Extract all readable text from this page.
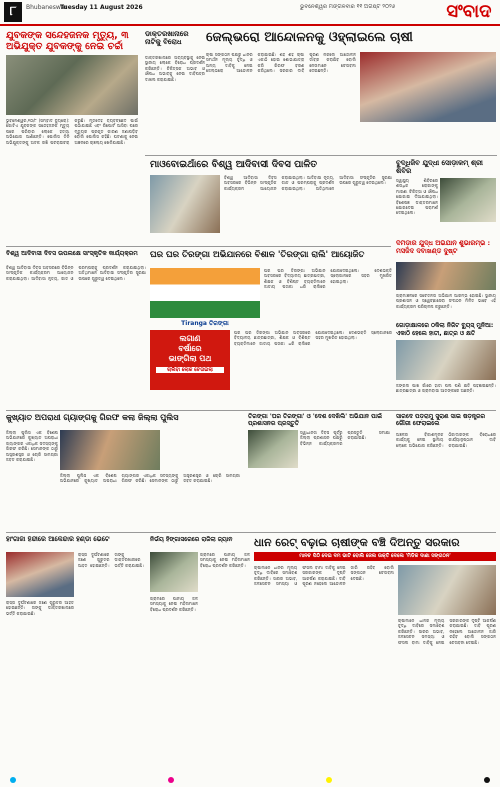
୮	Bhubaneswar
Tuesday 11 August 2026	ଭୁବନେଶ୍ୱର ମଙ୍ଗଳବାର ୧୧ ଅଗଷ୍ଟ ୨୦୨୬	ସଂବାଦ
ଯୁବକଙ୍କ ସନ୍ଦେହଜନକ ମୃତ୍ୟୁ, ୩ ଅଭିଯୁକ୍ତ ଯୁବକଙ୍କୁ ନେଇ ଚର୍ଚ୍ଚା
ଭୁବନେଶ୍ୱର,୧୦/୮ (ସମ୍ବାଦ ବ୍ୟୁରୋ): ଗୋଟିଏ ଯୁବକଙ୍କ ସନ୍ଦେହଜନକ ମୃତ୍ୟୁ ପରେ ପରିବାର ଲୋକେ ହତ୍ୟା ଅଭିଯୋଗ ଆଣିଛନ୍ତି। ପୋଲିସ ତିନି ଅଭିଯୁକ୍ତଙ୍କୁ ଅଟକ ରଖି ପଚରାଉଚରା କରୁଛି। ମୃତଦେହ ବ୍ୟବଚ୍ଛେଦ ପାଇଁ ପଠାଯାଇଛି ଏବଂ ରିପୋର୍ଟ ଆସିବା ପରେ ମୃତ୍ୟୁର ପ୍ରକୃତ କାରଣ ଜଣାପଡ଼ିବ ବୋଲି ପୋଲିସ କହିଛି। ଘଟଣାକୁ ନେଇ ଅଞ୍ଚଳରେ ଚାଞ୍ଚଲ୍ୟ ଖେଳିଯାଇଛି।
ଡାକ୍ତରଖାନାରେ ନାଟିକୁ ବିରୋଧ
ଡାକ୍ତରଖାନାରେ ଅବ୍ୟବସ୍ଥାକୁ ନେଇ ସ୍ଥାନୀୟ ଲୋକେ ବିରୋଧ ପ୍ରଦର୍ଶନ କରିଛନ୍ତି। ଚିକିତ୍ସକ ଅଭାବ ଓ ଔଷଧ ଅଭାବକୁ ନେଇ ଦାବିପତ୍ର ଦାଖଲ କରାଯାଇଛି।
ଜେଲ୍‌ଭରୋ ଆନ୍ଦୋଳନକୁ ଓହ୍ଲାଇଲେ ଚାଷୀ
ଚାଷୀ ସଙ୍ଗଠନ ପକ୍ଷରୁ ଧାନର ସମର୍ଥନ ମୂଲ୍ୟ ବୃଦ୍ଧି ଓ ଅନ୍ୟ ଦାବିକୁ ନେଇ ଜେଲ୍‌ଭରୋ ଆନ୍ଦୋଳନ କରାଯାଇଛି। ଶହ ଶହ ଚାଷୀ ଏକାଠି ହୋଇ ଶୋଭାଯାତ୍ରା କରି ଗିରଫ ବରଣ କରିଥିଲେ। ସରକାର ଦାବି ପୂରଣ ନକଲେ ଆନ୍ଦୋଳନ ତୀବ୍ର କରାଯିବ ବୋଲି ନେତାମାନେ ଚେତାବନୀ ଦେଇଛନ୍ତି।
ମାଓବୋଇର୍ଥାରେ ବିଶ୍ୱ ଆଦିବାସୀ ଦିବସ ପାଳିତ
ବିଶ୍ୱ ଆଦିବାସୀ ଦିବସ ଅବସରରେ ବିଭିନ୍ନ ସାଂସ୍କୃତିକ କାର୍ଯ୍ୟକ୍ରମ ଆୟୋଜନ କରାଯାଇଥିଲା। ଆଦିବାସୀ ନୃତ୍ୟ, ଗୀତ ଓ ପରମ୍ପରାକୁ ପ୍ରଦର୍ଶନ କରାଯାଇଥିଲା। ଅତିଥିମାନେ ଆଦିବାସୀ ସଂସ୍କୃତିର ସୁରକ୍ଷା ଉପରେ ଗୁରୁତ୍ୱ ଦେଇଥିଲେ।
ବୁଦ୍ଧିଜିବ ଯୁଦ୍ଧୀ ସୋଡ଼ାକମ୍‌ ଶ୍ରୀ ଶିବିର
ସ୍ୱାସ୍ଥ୍ୟ ଶିବିରରେ ଶତାଧିକ ରୋଗୀଙ୍କୁ ମାଗଣା ଚିକିତ୍ସା ଓ ଔଷଧ ଯୋଗାଇ ଦିଆଯାଇଥିଲା। ବିଶେଷଜ୍ଞ ଡାକ୍ତରମାନେ ଯୋଗଦେଇ ପରାମର୍ଶ ଦେଇଥିଲେ।
ଦିମିଡ଼ାର ଯୁଦ୍ଧ ଅଭିଯାନ ଶୁଭାରମ୍ଭ : ମସଜିଦ ଦବାଖଣ୍ଡ ଦୁଷ୍ଟ
ଗ୍ରାମାଞ୍ଚଳରେ ସଚେତନତା ଅଭିଯାନ ଆରମ୍ଭ ହୋଇଛି। ସ୍ଥାନୀୟ ପ୍ରଶାସନ ଓ ସ୍ୱେଚ୍ଛାସେବୀ ସଂଗଠନ ମିଳିତ ଭାବେ ଏହି କାର୍ଯ୍ୟକ୍ରମ ପରିଚାଳନା କରୁଛନ୍ତି।
ଗୋଡ଼ାକ୍ଷାଳରେ ଠକିଲା ନିଜିଟ ବ୍ୟୁସ୍ ମୁନିଆ:
ଏକାଠି ହେଲେ ହାତୀ, ଛାତ୍ର ଓ କ୍ଷତି
ଜଙ୍ଗଲ ପାଖ ଗାଁରେ ହାତୀ ପଲ ପଶି କ୍ଷତି ପହଞ୍ଚାଇଛନ୍ତି। ଛାତ୍ରଛାତ୍ରୀ ଓ ଗ୍ରାମବାସୀ ଆତଙ୍କରେ ଅଛନ୍ତି।
ଘର ଘର ତିରଙ୍ଗା ଅଭିଯାନରେ ବିଶାଳ 'ତିରଙ୍ଗା ରାଲି' ଆୟୋଜିତ
Tiranga ତିରଙ୍ଗା
ଘର ଘର ତିରଙ୍ଗା ଅଭିଯାନ ଅବସରରେ ବିଦ୍ୟାଳୟ ଛାତ୍ରଛାତ୍ରୀ, ଶିକ୍ଷକ ଓ ବିଶିଷ୍ଟ ବ୍ୟକ୍ତିମାନେ ଜାତୀୟ ପତାକା ଧରି ରାଲିରେ ଯୋଗଦେଇଥିଲେ। ଦେଶଭକ୍ତି ସ୍ଲୋଗାନରେ ସହର ମୁଖରିତ ହୋଇଥିଲା।
ବିଶ୍ୱ ଆଦିବାସୀ ଦିବସ ଉପଲକ୍ଷେ ସାଂସ୍କୃତିକ କାର୍ଯ୍ୟକ୍ରମ
ବିଶ୍ୱ ଆଦିବାସୀ ଦିବସ ଅବସରରେ ବିଭିନ୍ନ ସାଂସ୍କୃତିକ କାର୍ଯ୍ୟକ୍ରମ ଆୟୋଜନ କରାଯାଇଥିଲା। ଆଦିବାସୀ ନୃତ୍ୟ, ଗୀତ ଓ ପରମ୍ପରାକୁ ପ୍ରଦର୍ଶନ କରାଯାଇଥିଲା। ଅତିଥିମାନେ ଆଦିବାସୀ ସଂସ୍କୃତିର ସୁରକ୍ଷା ଉପରେ ଗୁରୁତ୍ୱ ଦେଇଥିଲେ।
ଲଗାଣ
ବର୍ଷାରେ
ଭାଙ୍ଗିଲା ପଥ
ଚାଲିବା ଲୋକ ଚେତାଇଲା
ଘର ଘର ତିରଙ୍ଗା ଅଭିଯାନ ଅବସରରେ ବିଦ୍ୟାଳୟ ଛାତ୍ରଛାତ୍ରୀ, ଶିକ୍ଷକ ଓ ବିଶିଷ୍ଟ ବ୍ୟକ୍ତିମାନେ ଜାତୀୟ ପତାକା ଧରି ରାଲିରେ ଯୋଗଦେଇଥିଲେ। ଦେଶଭକ୍ତି ସ୍ଲୋଗାନରେ ସହର ମୁଖରିତ ହୋଇଥିଲା।
କୁଖ୍ୟାତ ଅପରାଧୀ ଗ୍ୟାଙ୍ଗକୁ ଗିରଫ କଲା ଜିଲ୍ଲା ପୁଲିସ
ଜିଲ୍ଲା ପୁଲିସ ଏକ ବିଶେଷ ଅଭିଯାନରେ କୁଖ୍ୟାତ ଅପରାଧୀ ଗ୍ୟାଙ୍ଗର ଏକାଧିକ ସଦସ୍ୟଙ୍କୁ ଗିରଫ କରିଛି। ସେମାନଙ୍କ ଠାରୁ ଅସ୍ତ୍ରଶସ୍ତ୍ର ଓ ଚୋରି ସାମଗ୍ରୀ ଜବତ କରାଯାଇଛି।
ଜିଲ୍ଲା ପୁଲିସ ଏକ ବିଶେଷ ଅଭିଯାନରେ କୁଖ୍ୟାତ ଅପରାଧୀ ଗ୍ୟାଙ୍ଗର ଏକାଧିକ ସଦସ୍ୟଙ୍କୁ ଗିରଫ କରିଛି। ସେମାନଙ୍କ ଠାରୁ ଅସ୍ତ୍ରଶସ୍ତ୍ର ଓ ଚୋରି ସାମଗ୍ରୀ ଜବତ କରାଯାଇଛି।
ତିରଙ୍ଗା 'ଘର ତିରଙ୍ଗା' ଓ 'ଦେଶ ଦେଖିଲି' ଅଭିଯାନ ପାଇଁ ପ୍ରଶାସନର ପ୍ରସ୍ତୁତି
ସ୍ୱାଧୀନତା ଦିବସ ପୂର୍ବରୁ ଜିଲ୍ଲା ପ୍ରଶାସନ ପକ୍ଷରୁ ବିଭିନ୍ନ କାର୍ଯ୍ୟକ୍ରମର ପ୍ରସ୍ତୁତି ସମୀକ୍ଷା କରାଯାଇଛି।
ସାରଦେ ପଡ଼ରାମୁ ସୁରାଣ ସାଇ ଷଡ଼ନ୍ତ୍ରର ଗୌରୀ ଫେରାଇଲେ
ଅଞ୍ଚଳର ବିକାଶମୂଳକ କାର୍ଯ୍ୟକୁ ନେଇ ସ୍ଥାନୀୟ ଲୋକେ ଅଭିଯୋଗ କରିଛନ୍ତି। ଠିକାଦାରଙ୍କ ବିରୋଧରେ କାର୍ଯ୍ୟାନୁଷ୍ଠାନ ଦାବି କରାଯାଇଛି।
ହାଂଗାଜା ହିନ୍ଦୀରେ ଆକେନ୍ଦାର ହଣ୍ଡା ଭେଟେ
ରାସ୍ତା ଦୁର୍ଘଟଣାରେ ଜଣେ ଗୁରୁତର ଆହତ ହୋଇଛନ୍ତି। ତାଙ୍କୁ ଡାକ୍ତରଖାନାରେ ଭର୍ତ୍ତି କରାଯାଇଛି।
ରାସ୍ତା ଦୁର୍ଘଟଣାରେ ଜଣେ ଗୁରୁତର ଆହତ ହୋଇଛନ୍ତି। ତାଙ୍କୁ ଡାକ୍ତରଖାନାରେ ଭର୍ତ୍ତି କରାଯାଇଛି।
ନିର୍ଭୟ ହିଙ୍ଗାସରେରେ ରାଜିଲା ଜ୍ୟାନ
ଗ୍ରାମରେ ପାନୀୟ ଜଳ ସମସ୍ୟାକୁ ନେଇ ମହିଳାମାନେ ବିରୋଧ ପ୍ରଦର୍ଶନ କରିଛନ୍ତି।
ଗ୍ରାମରେ ପାନୀୟ ଜଳ ସମସ୍ୟାକୁ ନେଇ ମହିଳାମାନେ ବିରୋଧ ପ୍ରଦର୍ଶନ କରିଛନ୍ତି।
ଧାନ ରେଟ୍ ବଢ଼ାଇ ଚାଷୀଙ୍କ ବଞ୍ଚି ଦିଅନ୍ତୁ ସରକାର
ମାନଚ ପିଠି ଦେଇ ଦମ ଭାଟି ବୋଲି ଜେଲ ଉକ୍ତି ଦେଲେ 'ମିଡିକ ଦାଣା ସଙ୍ଗଠନ'
ଚାଷୀମାନେ ଧାନର ମୂଲ୍ୟ ବୃଦ୍ଧି ଦାବିରେ ସମାବେଶ କରିଛନ୍ତି। ସାରର ଅଭାବ, ଜଳସେଚନ ସମସ୍ୟା ଓ ଫସଲ ବୀମା ଦାବିକୁ ନେଇ ସରକାରଙ୍କ ଦୃଷ୍ଟି ଆକର୍ଷଣ କରାଯାଇଛି। ଦାବି ପୂରଣ ନହେଲେ ଆନ୍ଦୋଳନ ଜାରି ରହିବ ବୋଲି ସଙ୍ଗଠନ ଚେତାବନୀ ଦେଇଛି।
ଚାଷୀମାନେ ଧାନର ମୂଲ୍ୟ ବୃଦ୍ଧି ଦାବିରେ ସମାବେଶ କରିଛନ୍ତି। ସାରର ଅଭାବ, ଜଳସେଚନ ସମସ୍ୟା ଓ ଫସଲ ବୀମା ଦାବିକୁ ନେଇ ସରକାରଙ୍କ ଦୃଷ୍ଟି ଆକର୍ଷଣ କରାଯାଇଛି। ଦାବି ପୂରଣ ନହେଲେ ଆନ୍ଦୋଳନ ଜାରି ରହିବ ବୋଲି ସଙ୍ଗଠନ ଚେତାବନୀ ଦେଇଛି।
